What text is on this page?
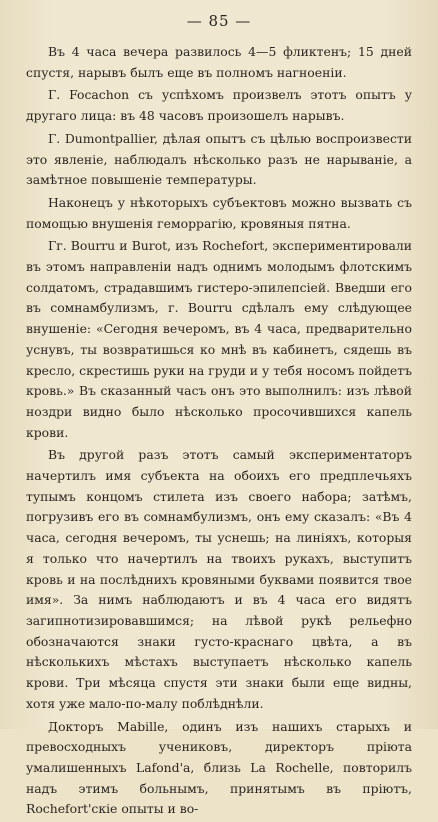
— 85 —

Въ 4 часа вечера развилось 4—5 фликтенъ; 15 дней спустя, нарывъ былъ еще въ полномъ нагноеніи.

Г. Focachon съ успѣхомъ произвелъ этотъ опытъ у другаго лица: въ 48 часовъ произошелъ нарывъ.

Г. Dumontpallier, дѣлая опытъ съ цѣлью воспроизвести это явленіе, наблюдалъ нѣсколько разъ не нарываніе, а замѣтное повышеніе температуры.

Наконецъ у нѣкоторыхъ субъектовъ можно вызвать съ помощью внушенія геморрагію, кровяныя пятна.

Гг. Bourru и Burot, изъ Rochefort, экспериментировали въ этомъ направленіи надъ однимъ молодымъ флотскимъ солдатомъ, страдавшимъ гистеро-эпилепсіей. Введши его въ сомнамбулизмъ, г. Bourru сдѣлалъ ему слѣдующее внушеніе: «Сегодня вечеромъ, въ 4 часа, предварительно уснувъ, ты возвратишься ко мнѣ въ кабинетъ, сядешь въ кресло, скрестишь руки на груди и у тебя носомъ пойдетъ кровь.» Въ сказанный часъ онъ это выполнилъ: изъ лѣвой ноздри видно было нѣсколько просочившихся капель крови.

Въ другой разъ этотъ самый экспериментаторъ начертилъ имя субъекта на обоихъ его предплечьяхъ тупымъ концомъ стилета изъ своего набора; затѣмъ, погрузивъ его въ сомнамбулизмъ, онъ ему сказалъ: «Въ 4 часа, сегодня вечеромъ, ты уснешь; на линіяхъ, которыя я только что начертилъ на твоихъ рукахъ, выступитъ кровь и на послѣднихъ кровяными буквами появится твое имя». За нимъ наблюдаютъ и въ 4 часа его видятъ загипнотизировавшимся; на лѣвой рукѣ рельефно обозначаются знаки густо-краснаго цвѣта, а въ нѣсколькихъ мѣстахъ выступаетъ нѣсколько капель крови. Три мѣсяца спустя эти знаки были еще видны, хотя уже мало-по-малу поблѣднѣли.

Докторъ Mabille, одинъ изъ нашихъ старыхъ и превосходныхъ учениковъ, директоръ пріюта умалишенныхъ Lafond'а, близь La Rochelle, повторилъ надъ этимъ больнымъ, принятымъ въ пріютъ, Rochefort'скіе опыты и во-
